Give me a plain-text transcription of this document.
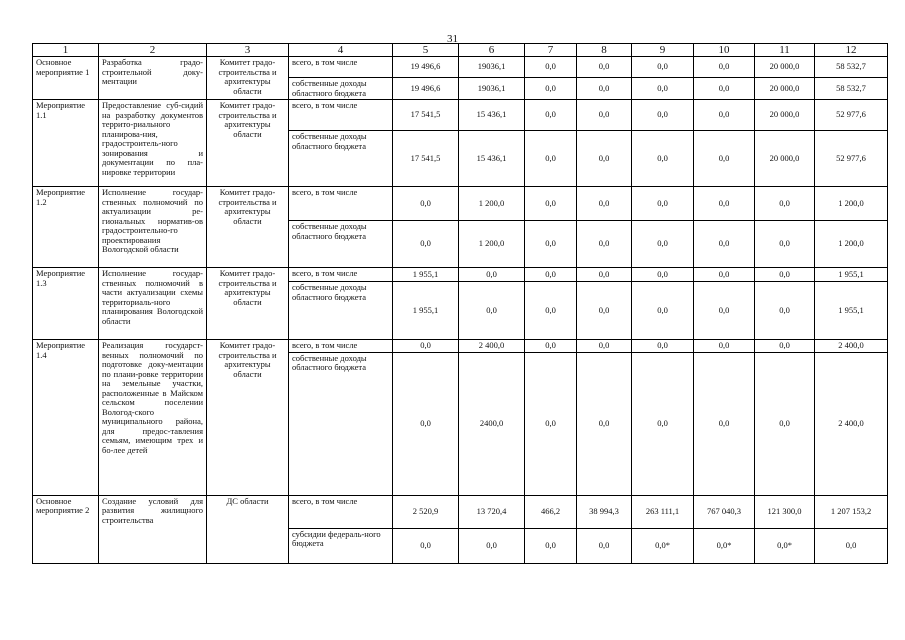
31
1	2	3	4	5	6	7	8	9	10	11	12
Основное мероприятие 1	Разработка градо-строительной доку-ментации	Комитет градо-строительства и архитектуры области	всего, в том числе	19 496,6	19036,1	0,0	0,0	0,0	0,0	20 000,0	58 532,7
			собственные доходы областного бюджета	19 496,6	19036,1	0,0	0,0	0,0	0,0	20 000,0	58 532,7
Мероприятие 1.1	Предоставление суб-сидий на разработку документов террито-риального планирова-ния, градостроитель-ного зонирования и документации по пла-нировке территории	Комитет градо-строительства и архитектуры области	всего, в том числе	17 541,5	15 436,1	0,0	0,0	0,0	0,0	20 000,0	52 977,6
			собственные доходы областного бюджета	17 541,5	15 436,1	0,0	0,0	0,0	0,0	20 000,0	52 977,6
Мероприятие 1.2	Исполнение государ-ственных полномочий по актуализации ре-гиональных норматив-ов градостроительно-го проектирования Вологодской области	Комитет градо-строительства и архитектуры области	всего, в том числе	0,0	1 200,0	0,0	0,0	0,0	0,0	0,0	1 200,0
			собственные доходы областного бюджета	0,0	1 200,0	0,0	0,0	0,0	0,0	0,0	1 200,0
Мероприятие 1.3	Исполнение государ-ственных полномочий в части актуализации схемы территориаль-ного планирования Вологодской области	Комитет градо-строительства и архитектуры области	всего, в том числе	1 955,1	0,0	0,0	0,0	0,0	0,0	0,0	1 955,1
			собственные доходы областного бюджета	1 955,1	0,0	0,0	0,0	0,0	0,0	0,0	1 955,1
Мероприятие 1.4	Реализация государст-венных полномочий по подготовке доку-ментации по плани-ровке территории на земельные участки, расположенные в Майском сельском поселении Вологод-ского муниципального района, для предос-тавления семьям, имеющим трех и бо-лее детей	Комитет градо-строительства и архитектуры области	всего, в том числе	0,0	2 400,0	0,0	0,0	0,0	0,0	0,0	2 400,0
			собственные доходы областного бюджета	0,0	2400,0	0,0	0,0	0,0	0,0	0,0	2 400,0
Основное мероприятие 2	Создание условий для развития жилищного строительства	ДС области	всего, в том числе	2 520,9	13 720,4	466,2	38 994,3	263 111,1	767 040,3	121 300,0	1 207 153,2
			субсидии федераль-ного бюджета	0,0	0,0	0,0	0,0	0,0*	0,0*	0,0*	0,0
